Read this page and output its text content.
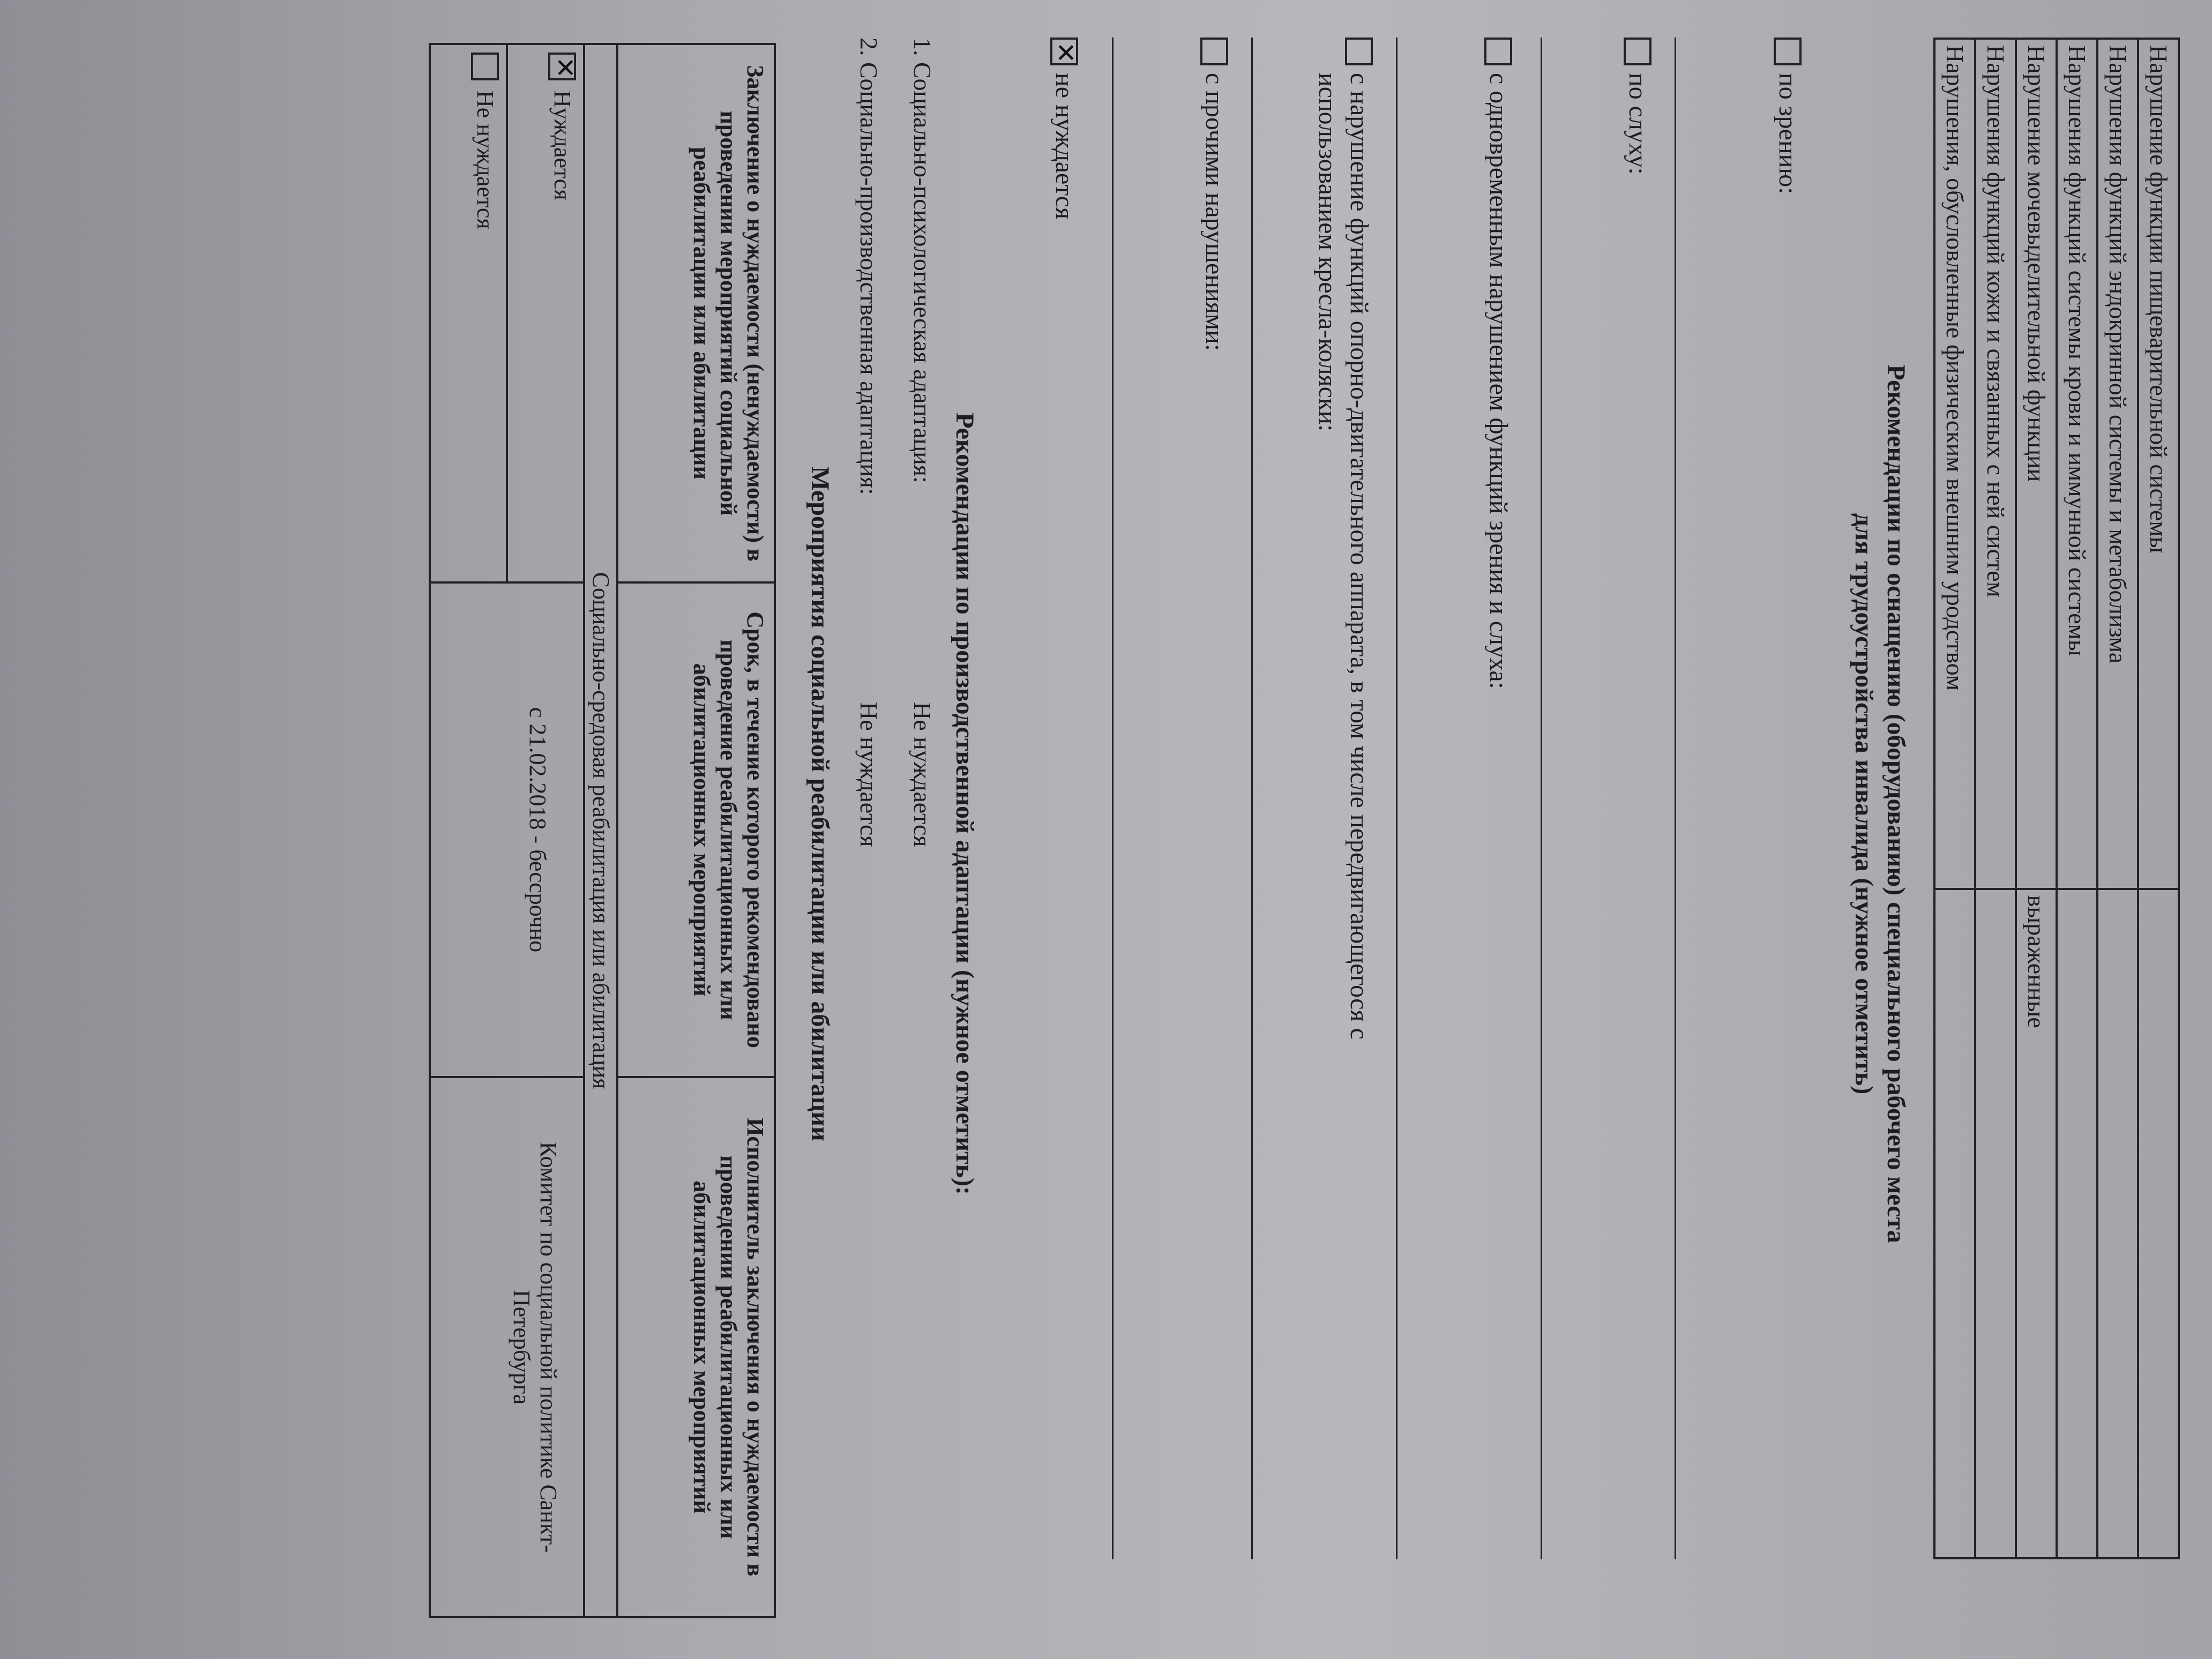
Нарушение функции пищеварительной системы	
Нарушения функций эндокринной системы и метаболизма	
Нарушения функций системы крови и иммунной системы	
Нарушение мочевыделительной функции	выраженные
Нарушения функций кожи и связанных с ней систем	
Нарушения, обусловленные физическим внешним уродством	
Рекомендации по оснащению (оборудованию) специального рабочего места
для трудоустройства инвалида (нужное отметить)
по зрению:
по слуху:
с одновременным нарушением функций зрения и слуха:
с нарушение функций опорно-двигательного аппарата, в том числе передвигающегося с
использованием кресла-коляски:
с прочими нарушениями:
✕не нуждается
Рекомендации по производственной адаптации (нужное отметить):
1. Социально-психологическая адаптация:
Не нуждается
2. Социально-производственная адаптация:
Не нуждается
Мероприятия социальной реабилитации или абилитации
Заключение о нуждаемости (ненуждаемости) в проведении мероприятий социальной реабилитации или абилитации	Срок, в течение которого рекомендовано проведение реабилитационных или абилитационных мероприятий	Исполнитель заключения о нуждаемости в проведении реабилитационных или абилитационных мероприятий
Социально-средовая реабилитация или абилитация		
✕ Нуждается	с 21.02.2018 - бессрочно	Комитет по социальной политике Санкт-Петербурга
Не нуждается		
